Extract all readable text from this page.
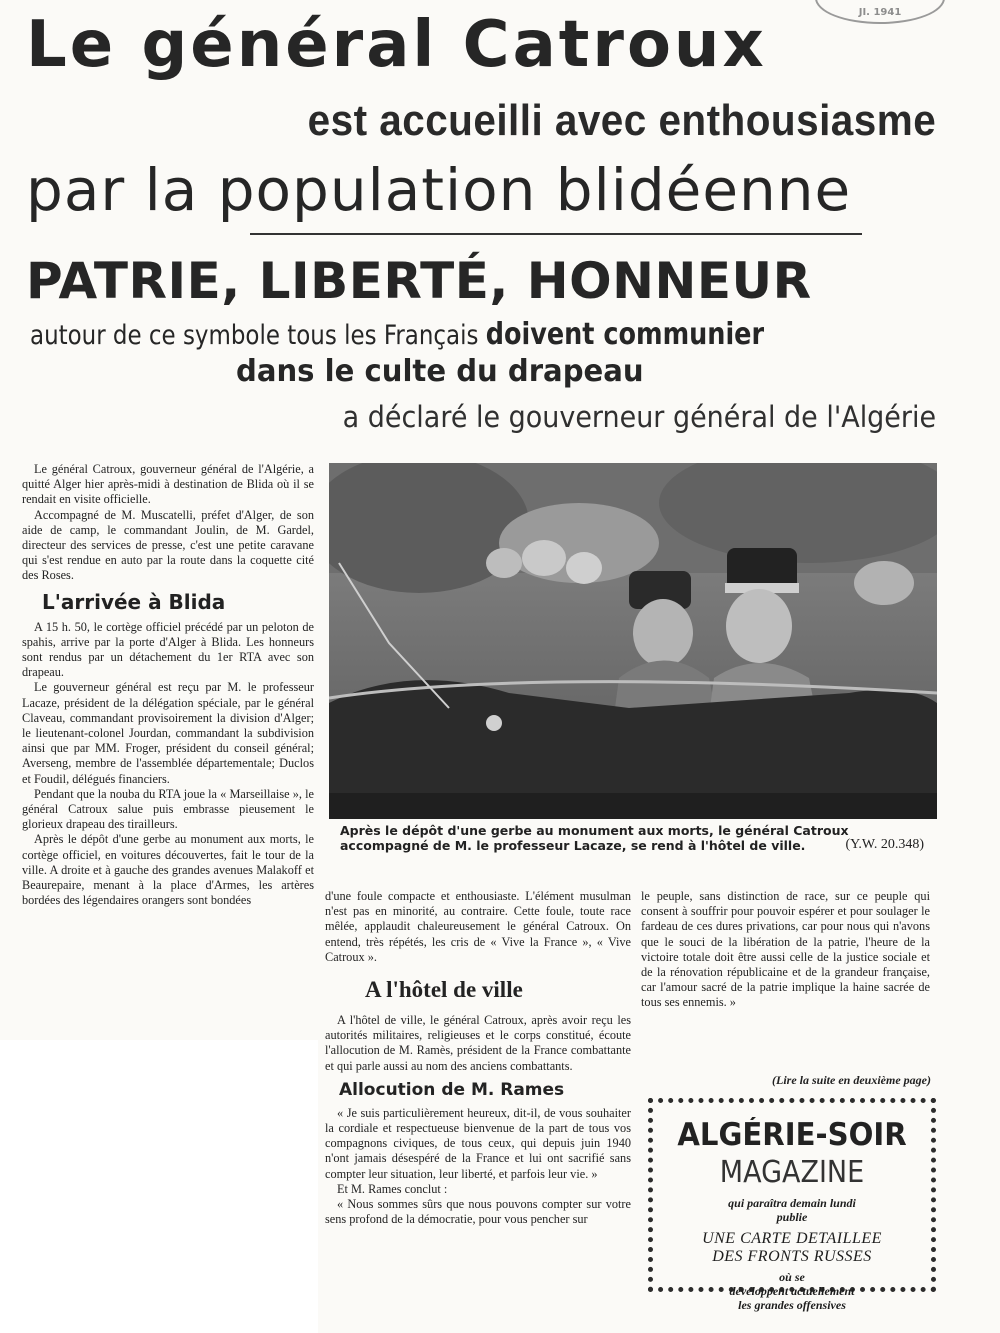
JI. 1941
Le général Catroux
est accueilli avec enthousiasme
par la population blidéenne
PATRIE, LIBERTÉ, HONNEUR
autour de ce symbole tous les Français doivent communier
dans le culte du drapeau
a déclaré le gouverneur général de l'Algérie

Le général Catroux, gouverneur général de l'Algérie, a quitté Alger hier après-midi à destination de Blida où il se rendait en visite officielle.

Accompagné de M. Muscatelli, préfet d'Alger, de son aide de camp, le commandant Joulin, de M. Gardel, directeur des services de presse, c'est une petite caravane qui s'est rendue en auto par la route dans la coquette cité des Roses.

L'arrivée à Blida

A 15 h. 50, le cortège officiel précédé par un peloton de spahis, arrive par la porte d'Alger à Blida. Les honneurs sont rendus par un détachement du 1er RTA avec son drapeau.

Le gouverneur général est reçu par M. le professeur Lacaze, président de la délégation spéciale, par le général Claveau, commandant provisoirement la division d'Alger; le lieutenant-colonel Jourdan, commandant la subdivision ainsi que par MM. Froger, président du conseil général; Averseng, membre de l'assemblée départementale; Duclos et Foudil, délégués financiers.

Pendant que la nouba du RTA joue la « Marseillaise », le général Catroux salue puis embrasse pieusement le glorieux drapeau des tirailleurs.

Après le dépôt d'une gerbe au monument aux morts, le cortège officiel, en voitures découvertes, fait le tour de la ville. A droite et à gauche des grandes avenues Malakoff et Beaurepaire, menant à la place d'Armes, les artères bordées des légendaires orangers sont bondées

Après le dépôt d'une gerbe au monument aux morts, le général Catroux accompagné de M. le professeur Lacaze, se rend à l'hôtel de ville.	(Y.W. 20.348)

d'une foule compacte et enthousiaste. L'élément musulman n'est pas en minorité, au contraire. Cette foule, toute race mêlée, applaudit chaleureusement le général Catroux. On entend, très répétés, les cris de « Vive la France », « Vive Catroux ».

A l'hôtel de ville

A l'hôtel de ville, le général Catroux, après avoir reçu les autorités militaires, religieuses et le corps constitué, écoute l'allocution de M. Ramès, président de la France combattante et qui parle aussi au nom des anciens combattants.

Allocution de M. Rames

« Je suis particulièrement heureux, dit-il, de vous souhaiter la cordiale et respectueuse bienvenue de la part de tous vos compagnons civiques, de tous ceux, qui depuis juin 1940 n'ont jamais désespéré de la France et lui ont sacrifié sans compter leur situation, leur liberté, et parfois leur vie. »

Et M. Rames conclut :

« Nous sommes sûrs que nous pouvons compter sur votre sens profond de la démocratie, pour vous pencher sur

le peuple, sans distinction de race, sur ce peuple qui consent à souffrir pour pouvoir espérer et pour soulager le fardeau de ces dures privations, car pour nous qui n'avons que le souci de la libération de la patrie, l'heure de la victoire totale doit être aussi celle de la justice sociale et de la rénovation républicaine et de la grandeur française, car l'amour sacré de la patrie implique la haine sacrée de tous ses ennemis. »

(Lire la suite en deuxième page)
ALGÉRIE-SOIR
MAGAZINE
qui paraîtra demain lundi
publie
UNE CARTE DETAILLEE
DES FRONTS RUSSES
où se
développent actuellement
les grandes offensives
